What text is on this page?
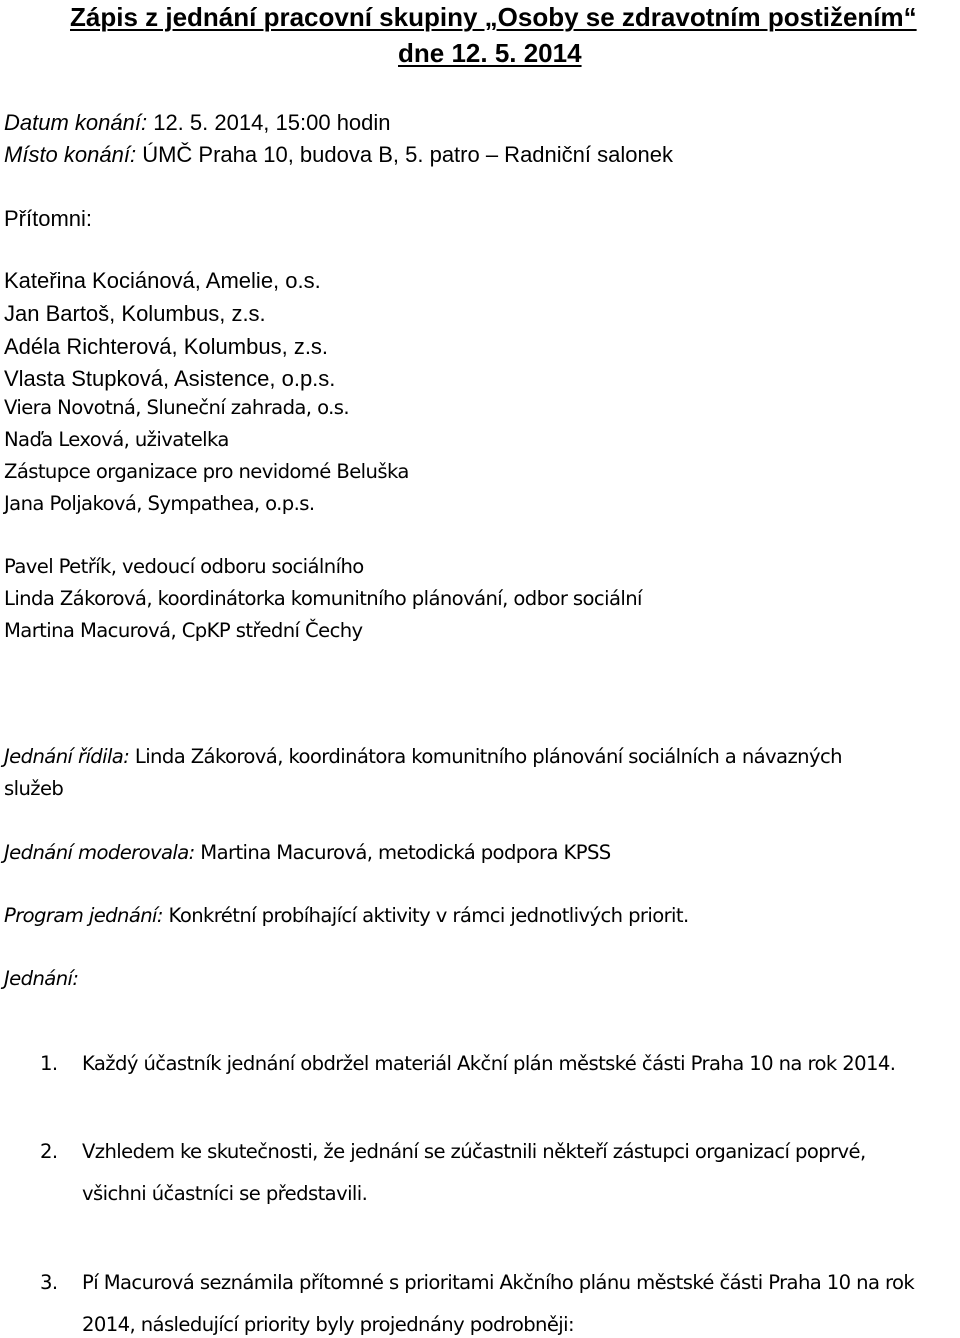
Zápis z jednání pracovní skupiny „Osoby se zdravotním postižením“
dne 12. 5. 2014
Datum konání: 12. 5. 2014, 15:00 hodin
Místo konání: ÚMČ Praha 10, budova B, 5. patro – Radniční salonek
Přítomni:
Kateřina Kociánová, Amelie, o.s.
Jan Bartoš, Kolumbus, z.s.
Adéla Richterová, Kolumbus, z.s.
Vlasta Stupková, Asistence, o.p.s.
Viera Novotná, Sluneční zahrada, o.s.
Naďa Lexová, uživatelka
Zástupce organizace pro nevidomé Beluška
Jana Poljaková, Sympathea, o.p.s.
Pavel Petřík, vedoucí odboru sociálního
Linda Zákorová, koordinátorka komunitního plánování, odbor sociální
Martina Macurová, CpKP střední Čechy
Jednání řídila: Linda Zákorová, koordinátora komunitního plánování sociálních a návazných
služeb
Jednání moderovala: Martina Macurová, metodická podpora KPSS
Program jednání: Konkrétní probíhající aktivity v rámci jednotlivých priorit.
Jednání:
1. Každý účastník jednání obdržel materiál Akční plán městské části Praha 10 na rok 2014.
2. Vzhledem ke skutečnosti, že jednání se zúčastnili někteří zástupci organizací poprvé,
všichni účastníci se představili.
3. Pí Macurová seznámila přítomné s prioritami Akčního plánu městské části Praha 10 na rok
2014, následující priority byly projednány podrobněji:
